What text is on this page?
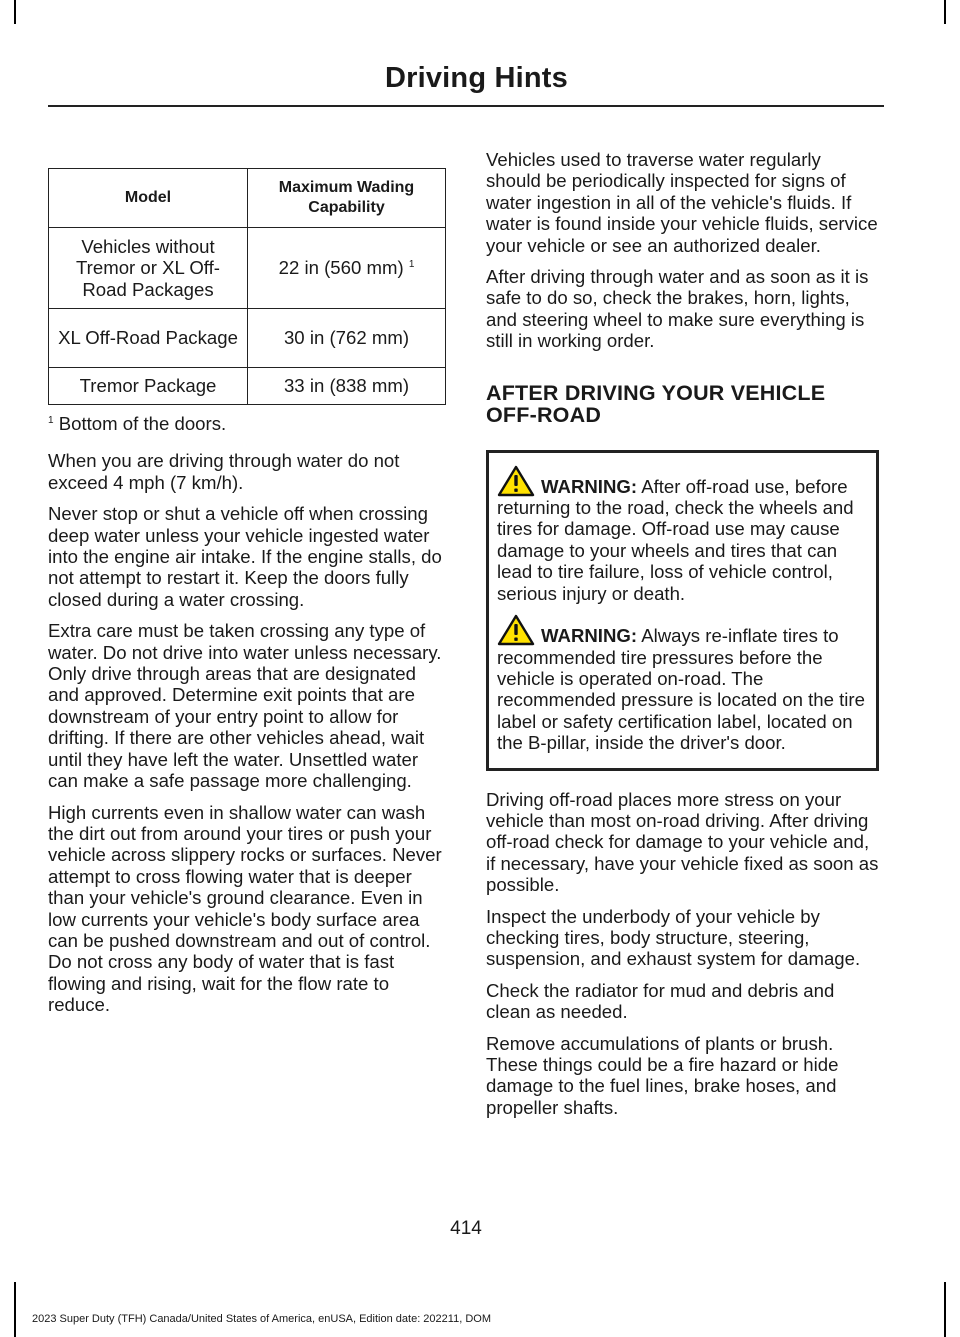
Driving Hints
Model	Maximum Wading Capability
Vehicles without Tremor or XL Off-Road Packages	22 in (560 mm) $^1$
XL Off-Road Package	30 in (762 mm)
Tremor Package	33 in (838 mm)

$^1$ Bottom of the doors.

When you are driving through water do not exceed 4 mph (7 km/h).

Never stop or shut a vehicle off when crossing deep water unless your vehicle ingested water into the engine air intake. If the engine stalls, do not attempt to restart it. Keep the doors fully closed during a water crossing.

Extra care must be taken crossing any type of water. Do not drive into water unless necessary. Only drive through areas that are designated and approved. Determine exit points that are downstream of your entry point to allow for drifting. If there are other vehicles ahead, wait until they have left the water. Unsettled water can make a safe passage more challenging.

High currents even in shallow water can wash the dirt out from around your tires or push your vehicle across slippery rocks or surfaces. Never attempt to cross flowing water that is deeper than your vehicle's ground clearance. Even in low currents your vehicle's body surface area can be pushed downstream and out of control. Do not cross any body of water that is fast flowing and rising, wait for the flow rate to reduce.

Vehicles used to traverse water regularly should be periodically inspected for signs of water ingestion in all of the vehicle's fluids. If water is found inside your vehicle fluids, service your vehicle or see an authorized dealer.

After driving through water and as soon as it is safe to do so, check the brakes, horn, lights, and steering wheel to make sure everything is still in working order.

AFTER DRIVING YOUR VEHICLE OFF-ROAD

WARNING: After off-road use, before returning to the road, check the wheels and tires for damage. Off-road use may cause damage to your wheels and tires that can lead to tire failure, loss of vehicle control, serious injury or death.

WARNING: Always re-inflate tires to recommended tire pressures before the vehicle is operated on-road. The recommended pressure is located on the tire label or safety certification label, located on the B-pillar, inside the driver's door.

Driving off-road places more stress on your vehicle than most on-road driving. After driving off-road check for damage to your vehicle and, if necessary, have your vehicle fixed as soon as possible.

Inspect the underbody of your vehicle by checking tires, body structure, steering, suspension, and exhaust system for damage.

Check the radiator for mud and debris and clean as needed.

Remove accumulations of plants or brush. These things could be a fire hazard or hide damage to the fuel lines, brake hoses, and propeller shafts.

414
2023 Super Duty (TFH) Canada/United States of America, enUSA, Edition date: 202211, DOM
